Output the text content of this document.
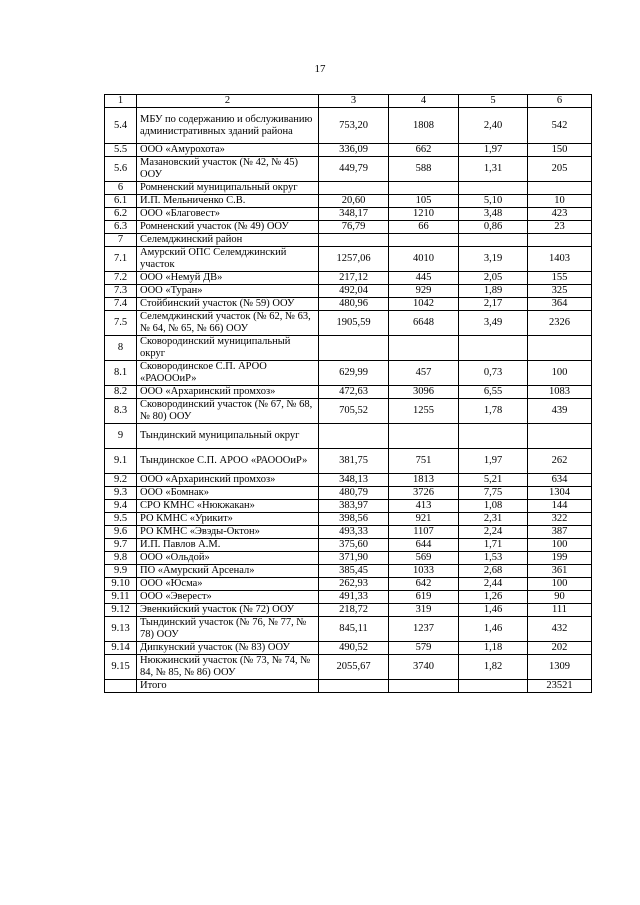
17
1	2	3	4	5	6
5.4	МБУ по содержанию и обслуживанию административных зданий района	753,20	1808	2,40	542
5.5	ООО «Амурохота»	336,09	662	1,97	150
5.6	Мазановский участок (№ 42, № 45) ООУ	449,79	588	1,31	205
6	Ромненский муниципальный округ				
6.1	И.П. Мельниченко С.В.	20,60	105	5,10	10
6.2	ООО «Благовест»	348,17	1210	3,48	423
6.3	Ромненский участок (№ 49) ООУ	76,79	66	0,86	23
7	Селемджинский район				
7.1	Амурский ОПС Селемджинский участок	1257,06	4010	3,19	1403
7.2	ООО «Немуй ДВ»	217,12	445	2,05	155
7.3	ООО «Туран»	492,04	929	1,89	325
7.4	Стойбинский участок (№ 59) ООУ	480,96	1042	2,17	364
7.5	Селемджинский участок (№ 62, № 63, № 64, № 65, № 66) ООУ	1905,59	6648	3,49	2326
8	Сковородинский муниципальный округ				
8.1	Сковородинское С.П. АРОО «РАОООиР»	629,99	457	0,73	100
8.2	ООО «Архаринский промхоз»	472,63	3096	6,55	1083
8.3	Сковородинский участок (№ 67, № 68, № 80) ООУ	705,52	1255	1,78	439
9	Тындинский муниципальный округ				
9.1	Тындинское С.П. АРОО «РАОООиР»	381,75	751	1,97	262
9.2	ООО «Архаринский промхоз»	348,13	1813	5,21	634
9.3	ООО «Бомнак»	480,79	3726	7,75	1304
9.4	СРО КМНС «Нюкжакан»	383,97	413	1,08	144
9.5	РО КМНС «Урикит»	398,56	921	2,31	322
9.6	РО КМНС «Эвэды-Октон»	493,33	1107	2,24	387
9.7	И.П. Павлов А.М.	375,60	644	1,71	100
9.8	ООО «Ольдой»	371,90	569	1,53	199
9.9	ПО «Амурский Арсенал»	385,45	1033	2,68	361
9.10	ООО «Юсма»	262,93	642	2,44	100
9.11	ООО «Эверест»	491,33	619	1,26	90
9.12	Эвенкийский участок (№ 72) ООУ	218,72	319	1,46	111
9.13	Тындинский участок (№ 76, № 77, № 78) ООУ	845,11	1237	1,46	432
9.14	Дипкунский участок (№ 83) ООУ	490,52	579	1,18	202
9.15	Нюкжинский участок (№ 73, № 74, № 84, № 85, № 86) ООУ	2055,67	3740	1,82	1309
	Итого				23521
